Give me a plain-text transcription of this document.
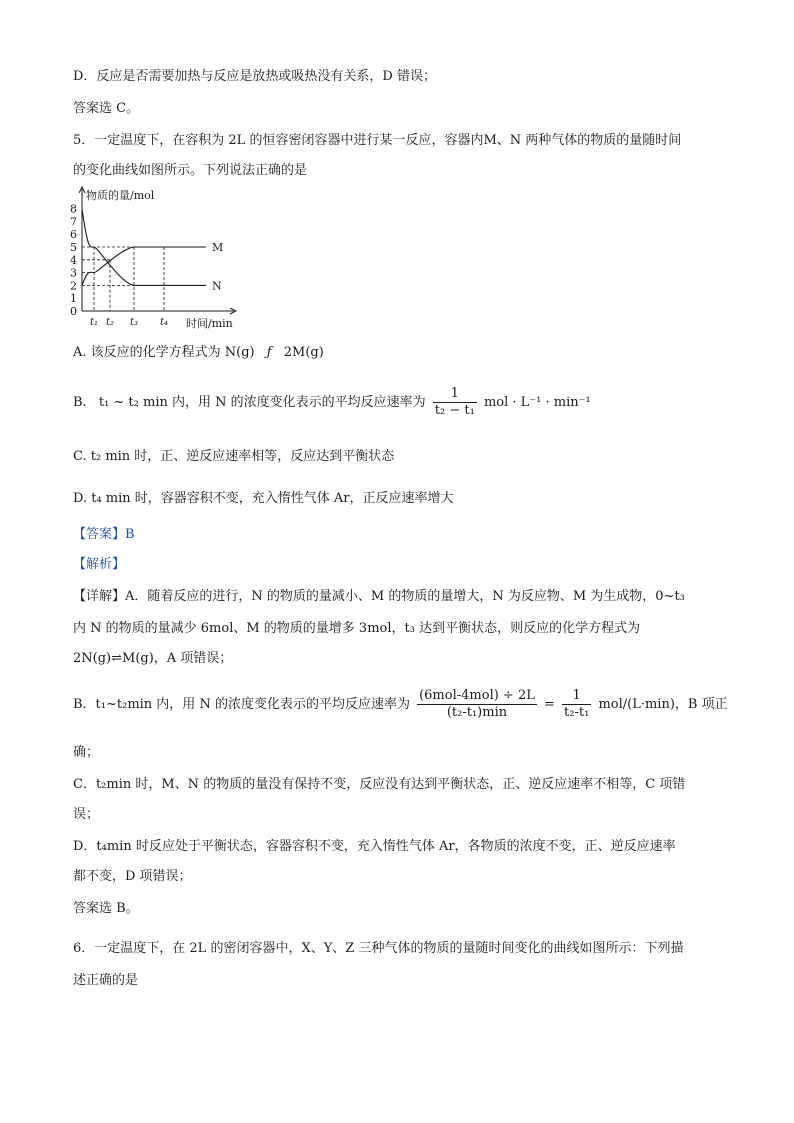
D．反应是否需要加热与反应是放热或吸热没有关系，D 错误；
答案选 C。
5．一定温度下，在容积为 2L 的恒容密闭容器中进行某一反应，容器内M、N 两种气体的物质的量随时间
的变化曲线如图所示。下列说法正确的是
物质的量/mol
时间/min
0
1
2
3
4
5
6
7
8
t₁ t₂ t₃ t₄
M
N
A. 该反应的化学方程式为 N(g) ƒ 2M(g)
B. t₁ ~ t₂ min 内，用 N 的浓度变化表示的平均反应速率为 $\frac{1}{\text{t₂ − t₁}}$ mol · L⁻¹ · min⁻¹
C. t₂ min 时，正、逆反应速率相等，反应达到平衡状态
D. t₄ min 时，容器容积不变，充入惰性气体 Ar，正反应速率增大
【答案】B
【解析】
【详解】A．随着反应的进行，N 的物质的量减小、M 的物质的量增大，N 为反应物、M 为生成物，0~t₃
内 N 的物质的量减少 6mol、M 的物质的量增多 3mol，t₃ 达到平衡状态，则反应的化学方程式为
2N(g)⇌M(g)，A 项错误；
B．t₁~t₂min 内，用 N 的浓度变化表示的平均反应速率为 $\frac{\text{(6mol-4mol) ÷ 2L}}{\text{(t₂-t₁)min}} = \frac{1}{\text{t₂-t₁}} mol/(L\cdot\min)$，B 项正
确；
C．t₂min 时，M、N 的物质的量没有保持不变，反应没有达到平衡状态，正、逆反应速率不相等，C 项错
误；
D．t₄min 时反应处于平衡状态，容器容积不变，充入惰性气体 Ar，各物质的浓度不变，正、逆反应速率
都不变，D 项错误；
答案选 B。
6．一定温度下，在 2L 的密闭容器中，X、Y、Z 三种气体的物质的量随时间变化的曲线如图所示：下列描
述正确的是
